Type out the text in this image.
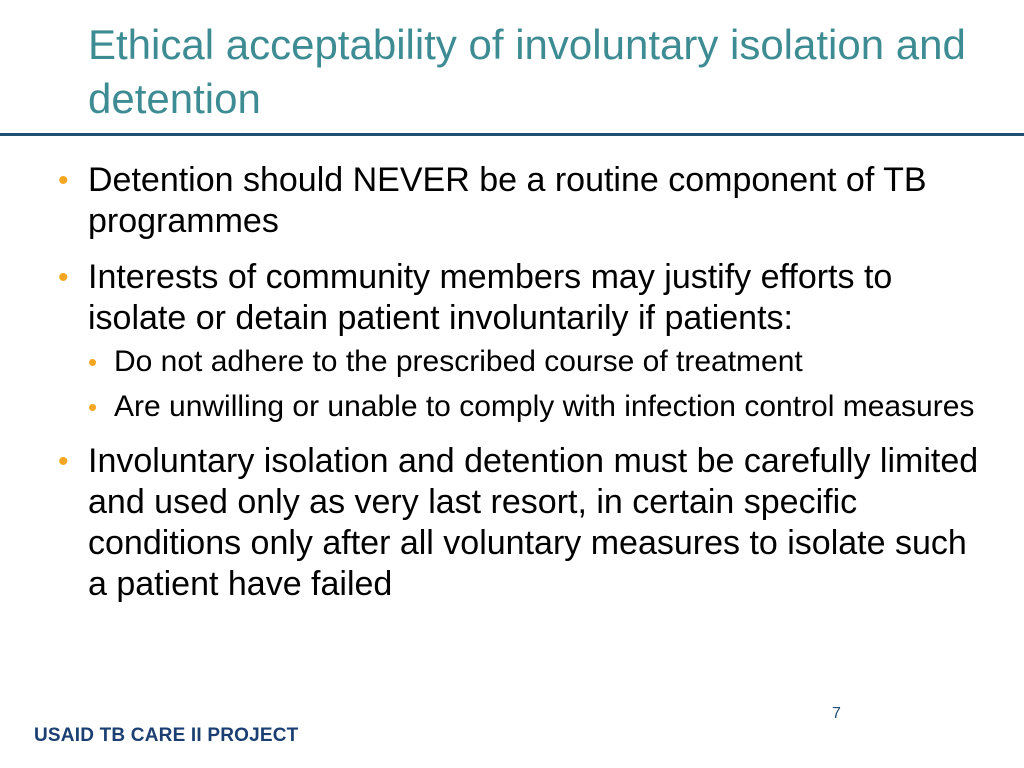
Ethical acceptability of involuntary isolation and detention
• Detention should NEVER be a routine component of TB programmes
• Interests of community members may justify efforts to isolate or detain patient involuntarily if patients:
• Do not adhere to the prescribed course of treatment
• Are unwilling or unable to comply with infection control measures
• Involuntary isolation and detention must be carefully limited and used only as very last resort, in certain specific conditions only after all voluntary measures to isolate such a patient have failed
7
USAID TB CARE II PROJECT
